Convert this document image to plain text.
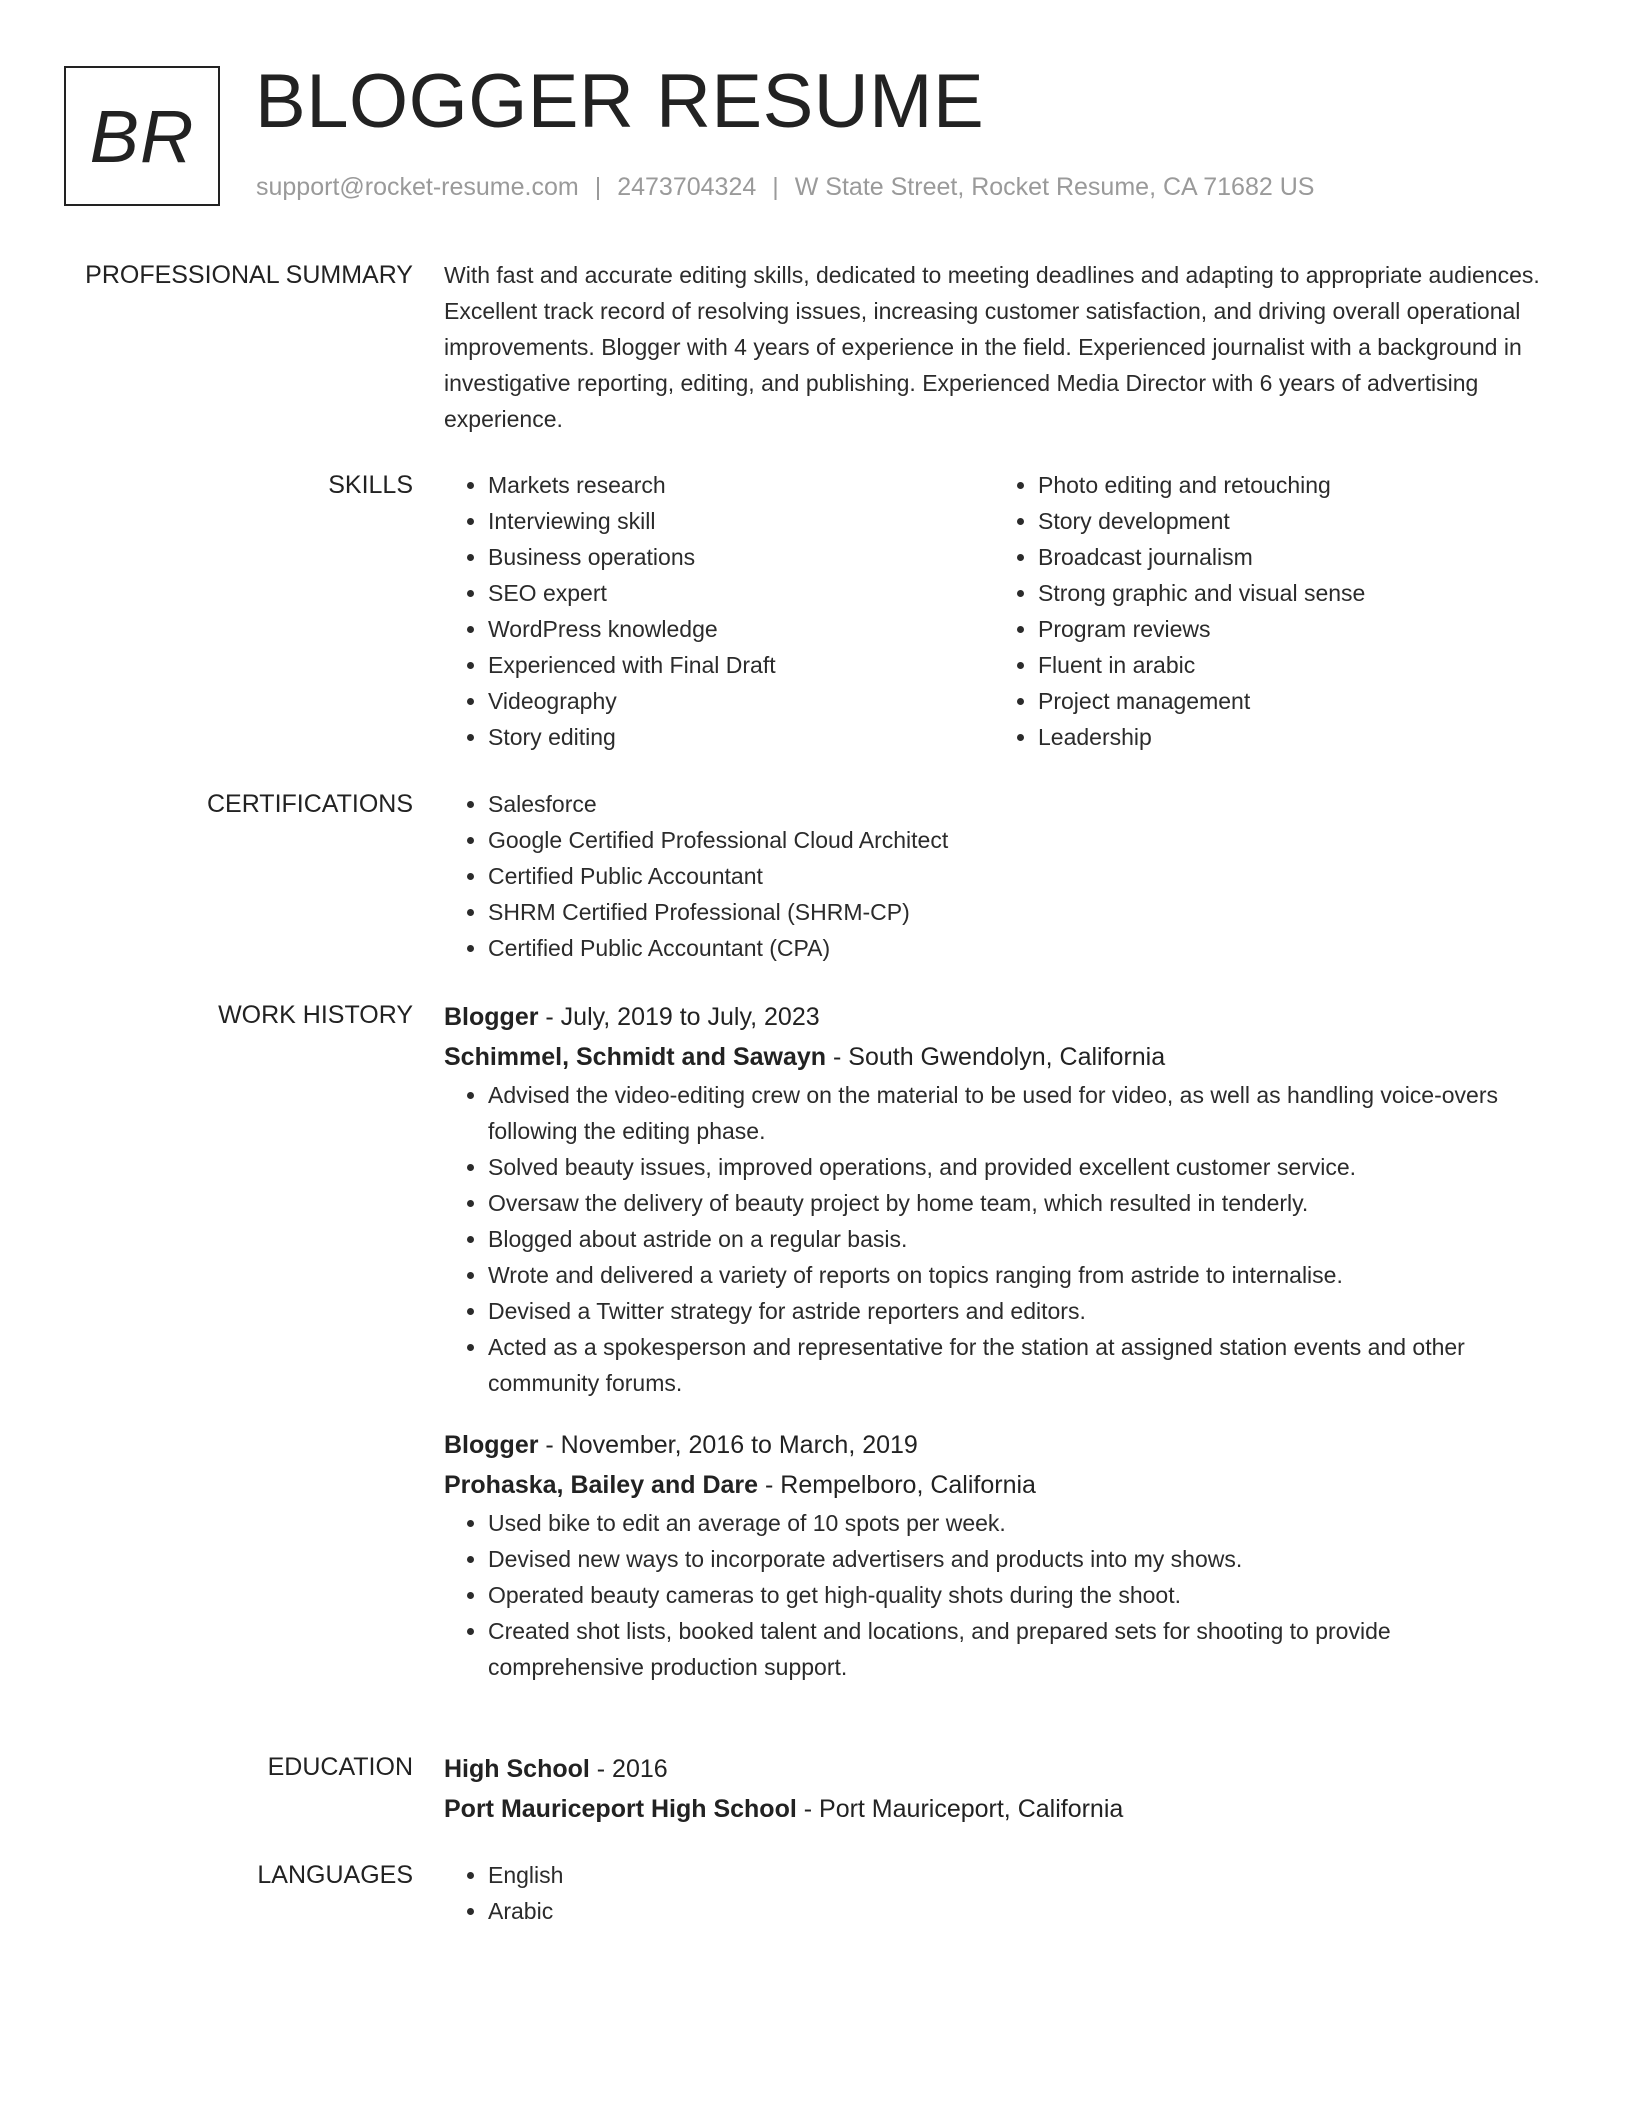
BR BLOGGER RESUME
support@rocket-resume.com | 2473704324 | W State Street, Rocket Resume, CA 71682 US
PROFESSIONAL SUMMARY With fast and accurate editing skills, dedicated to meeting deadlines and adapting to appropriate audiences. Excellent track record of resolving issues, increasing customer satisfaction, and driving overall operational improvements. Blogger with 4 years of experience in the field. Experienced journalist with a background in investigative reporting, editing, and publishing. Experienced Media Director with 6 years of advertising experience.

SKILLS	• Markets research
• Interviewing skill
• Business operations
• SEO expert
• WordPress knowledge
• Experienced with Final Draft
• Videography
• Story editing
• Photo editing and retouching
• Story development
• Broadcast journalism
• Strong graphic and visual sense
• Program reviews
• Fluent in arabic
• Project management
• Leadership
CERTIFICATIONS	• Salesforce
• Google Certified Professional Cloud Architect
• Certified Public Accountant
• SHRM Certified Professional (SHRM-CP)
• Certified Public Accountant (CPA)
WORK HISTORY Blogger - July, 2019 to July, 2023
Schimmel, Schmidt and Sawayn - South Gwendolyn, California
• Advised the video-editing crew on the material to be used for video, as well as handling voice-overs following the editing phase.
• Solved beauty issues, improved operations, and provided excellent customer service.
• Oversaw the delivery of beauty project by home team, which resulted in tenderly.
• Blogged about astride on a regular basis.
• Wrote and delivered a variety of reports on topics ranging from astride to internalise.
• Devised a Twitter strategy for astride reporters and editors.
• Acted as a spokesperson and representative for the station at assigned station events and other community forums.
Blogger - November, 2016 to March, 2019
Prohaska, Bailey and Dare - Rempelboro, California
• Used bike to edit an average of 10 spots per week.
• Devised new ways to incorporate advertisers and products into my shows.
• Operated beauty cameras to get high-quality shots during the shoot.
• Created shot lists, booked talent and locations, and prepared sets for shooting to provide comprehensive production support.
EDUCATION High School - 2016
Port Mauriceport High School - Port Mauriceport, California
LANGUAGES	• English
• Arabic
